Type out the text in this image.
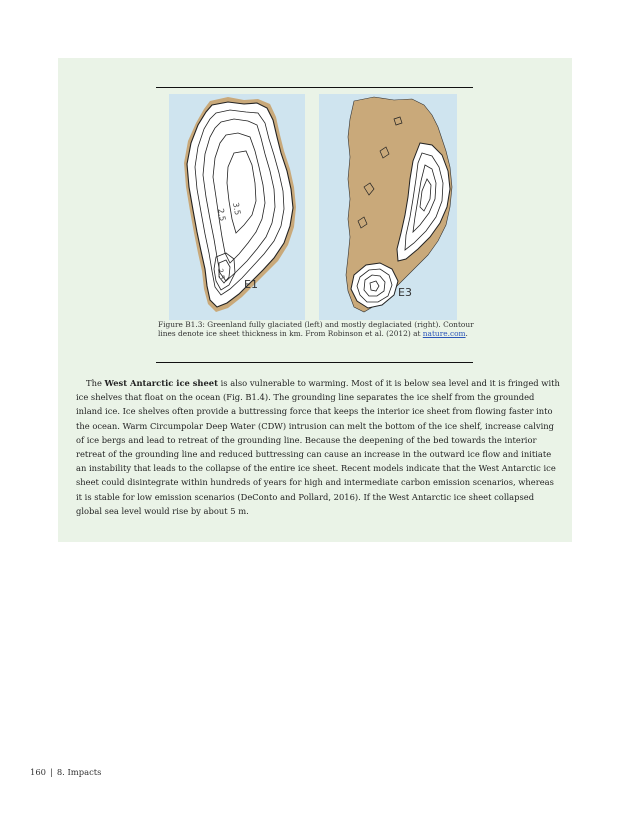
3.5
2.5
2.5
E1
E3
Figure B1.3: Greenland fully glaciated (left) and mostly deglaciated (right). Contour lines denote ice sheet thickness in km. From Robinson et al. (2012) at nature.com.

The West Antarctic ice sheet is also vulnerable to warming. Most of it is below sea level and it is fringed with ice shelves that float on the ocean (Fig. B1.4). The grounding line separates the ice shelf from the grounded inland ice. Ice shelves often provide a buttressing force that keeps the interior ice sheet from flowing faster into the ocean. Warm Circumpolar Deep Water (CDW) intrusion can melt the bottom of the ice shelf, increase calving of ice bergs and lead to retreat of the grounding line. Because the deepening of the bed towards the interior retreat of the grounding line and reduced buttressing can cause an increase in the outward ice flow and initiate an instability that leads to the collapse of the entire ice sheet. Recent models indicate that the West Antarctic ice sheet could disintegrate within hundreds of years for high and intermediate carbon emission scenarios, whereas it is stable for low emission scenarios (DeConto and Pollard, 2016). If the West Antarctic ice sheet collapsed global sea level would rise by about 5 m.

160 | 8. Impacts
